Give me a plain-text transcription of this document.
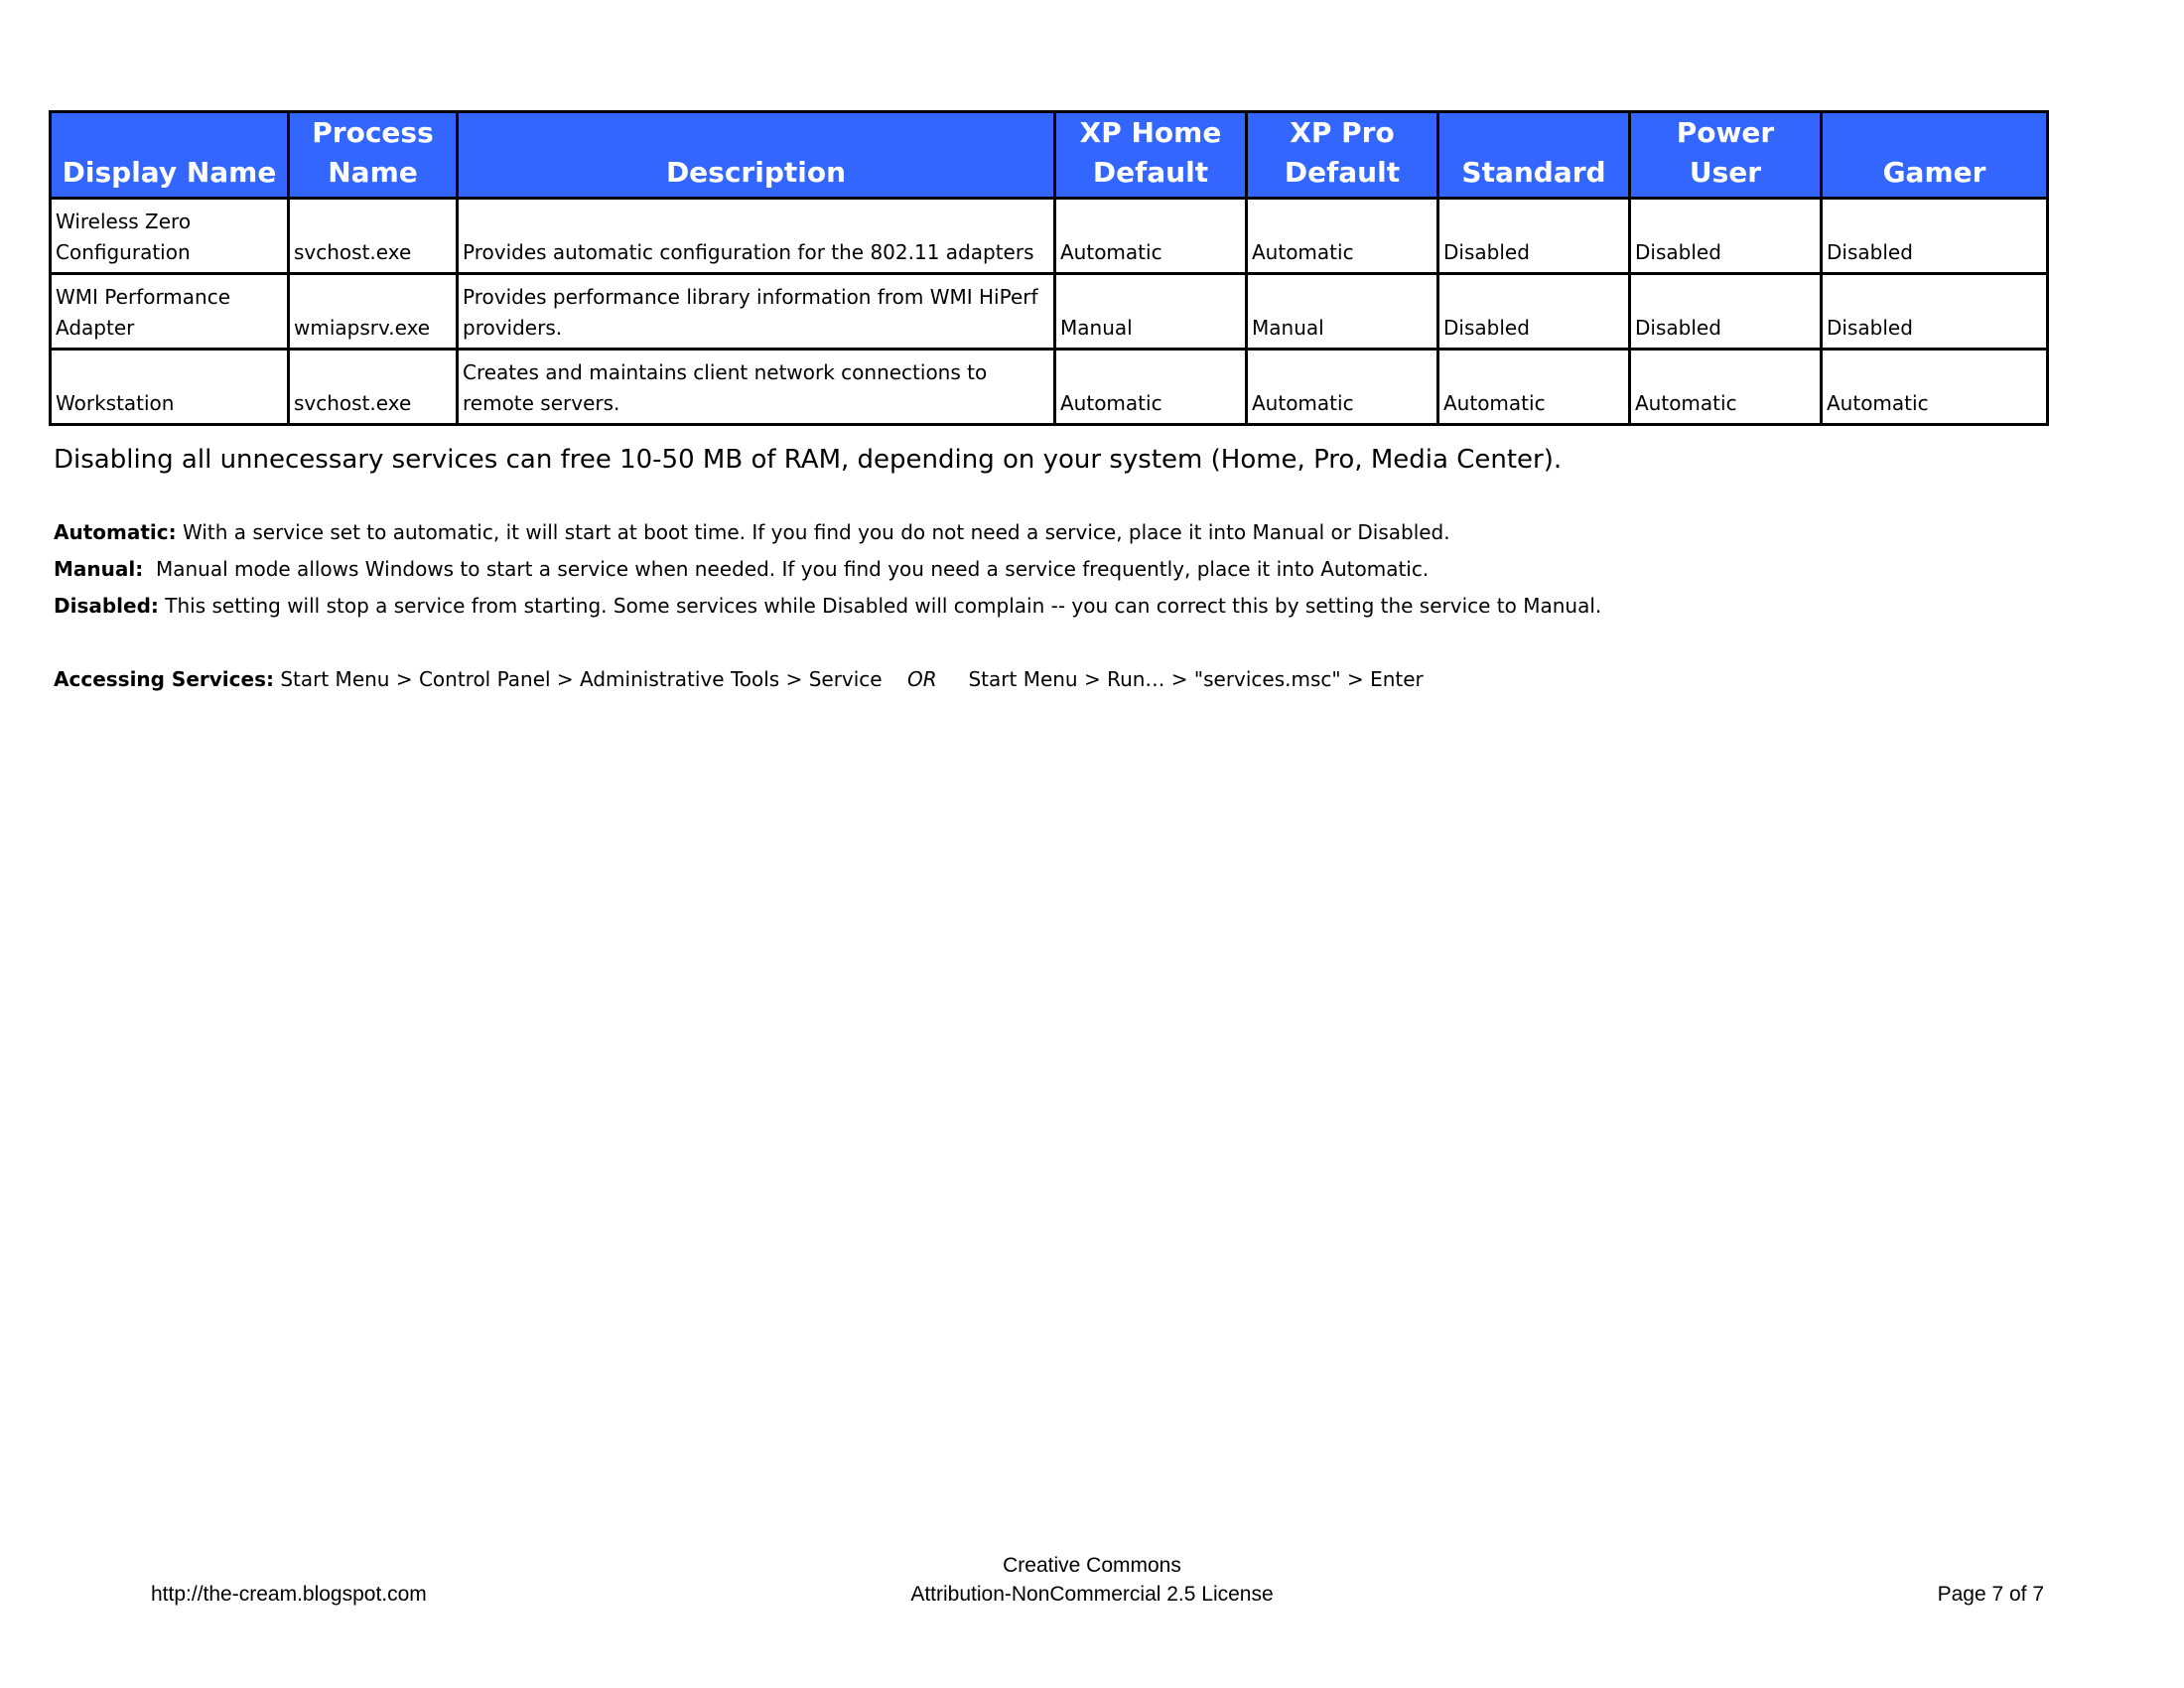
Display Name	Process Name	Description	XP Home Default	XP Pro Default	Standard	Power User	Gamer
Wireless Zero Configuration	svchost.exe	Provides automatic configuration for the 802.11 adapters	Automatic	Automatic	Disabled	Disabled	Disabled
WMI Performance Adapter	wmiapsrv.exe	Provides performance library information from WMI HiPerf providers.	Manual	Manual	Disabled	Disabled	Disabled
Workstation	svchost.exe	Creates and maintains client network connections to remote servers.	Automatic	Automatic	Automatic	Automatic	Automatic
Disabling all unnecessary services can free 10-50 MB of RAM, depending on your system (Home, Pro, Media Center).
Automatic: With a service set to automatic, it will start at boot time. If you find you do not need a service, place it into Manual or Disabled.
Manual:  Manual mode allows Windows to start a service when needed. If you find you need a service frequently, place it into Automatic.
Disabled: This setting will stop a service from starting. Some services while Disabled will complain -- you can correct this by setting the service to Manual.
Accessing Services: Start Menu > Control Panel > Administrative Tools > Service    OR     Start Menu > Run… > "services.msc" > Enter
http://the-cream.blogspot.com
Creative Commons
Attribution-NonCommercial 2.5 License	Page 7 of 7
